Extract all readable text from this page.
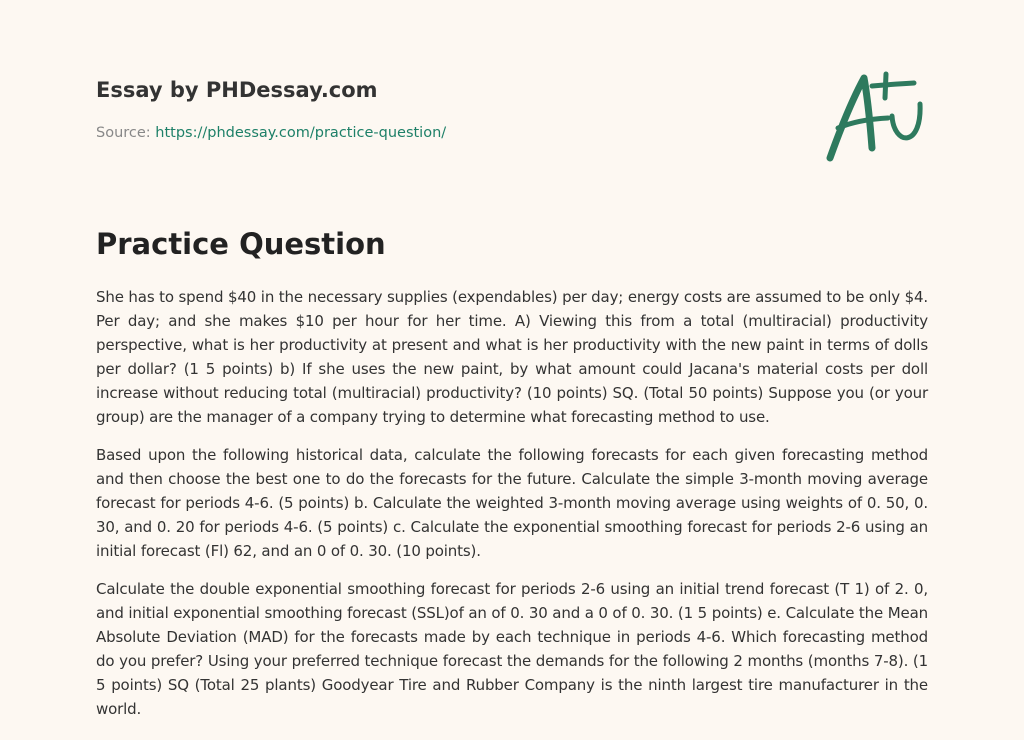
Essay by PHDessay.com
Source: https://phdessay.com/practice-question/
Practice Question

She has to spend $40 in the necessary supplies (expendables) per day; energy costs are assumed to be only $4. Per day; and she makes $10 per hour for her time. A) Viewing this from a total (multiracial) productivity perspective, what is her productivity at present and what is her productivity with the new paint in terms of dolls per dollar? (1 5 points) b) If she uses the new paint, by what amount could Jacana's material costs per doll increase without reducing total (multiracial) productivity? (10 points) SQ. (Total 50 points) Suppose you (or your group) are the manager of a company trying to determine what forecasting method to use.

Based upon the following historical data, calculate the following forecasts for each given forecasting method and then choose the best one to do the forecasts for the future. Calculate the simple 3-month moving average forecast for periods 4-6. (5 points) b. Calculate the weighted 3-month moving average using weights of 0. 50, 0. 30, and 0. 20 for periods 4-6. (5 points) c. Calculate the exponential smoothing forecast for periods 2-6 using an initial forecast (Fl) 62, and an 0 of 0. 30. (10 points).

Calculate the double exponential smoothing forecast for periods 2-6 using an initial trend forecast (T 1) of 2. 0, and initial exponential smoothing forecast (SSL)of an of 0. 30 and a 0 of 0. 30. (1 5 points) e. Calculate the Mean Absolute Deviation (MAD) for the forecasts made by each technique in periods 4-6. Which forecasting method do you prefer? Using your preferred technique forecast the demands for the following 2 months (months 7-8). (1 5 points) SQ (Total 25 plants) Goodyear Tire and Rubber Company is the ninth largest tire manufacturer in the world.
